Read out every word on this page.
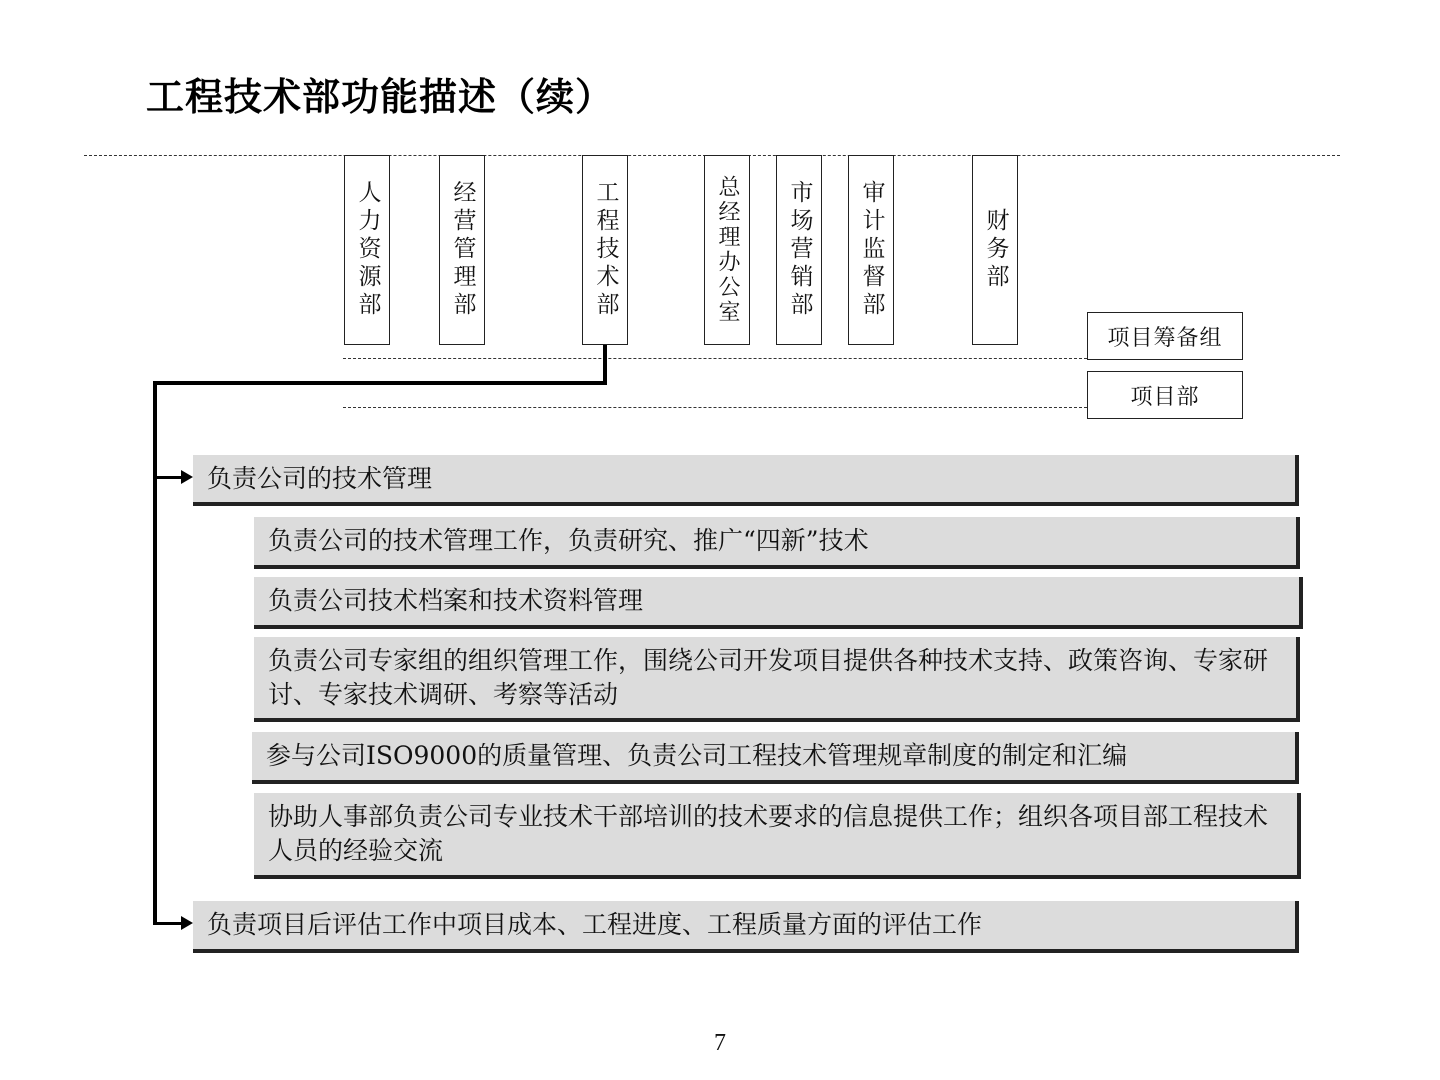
工程技术部功能描述（续）
人力资源部	经营管理部	工程技术部	总经理办公室 市场营销部 审计监督部	财务部
项目筹备组
项目部
负责公司的技术管理
负责公司的技术管理工作，负责研究、推广“四新”技术
负责公司技术档案和技术资料管理
负责公司专家组的组织管理工作，围绕公司开发项目提供各种技术支持、政策咨询、专家研讨、专家技术调研、考察等活动
参与公司ISO9000的质量管理、负责公司工程技术管理规章制度的制定和汇编
协助人事部负责公司专业技术干部培训的技术要求的信息提供工作；组织各项目部工程技术人员的经验交流
负责项目后评估工作中项目成本、工程进度、工程质量方面的评估工作
7
